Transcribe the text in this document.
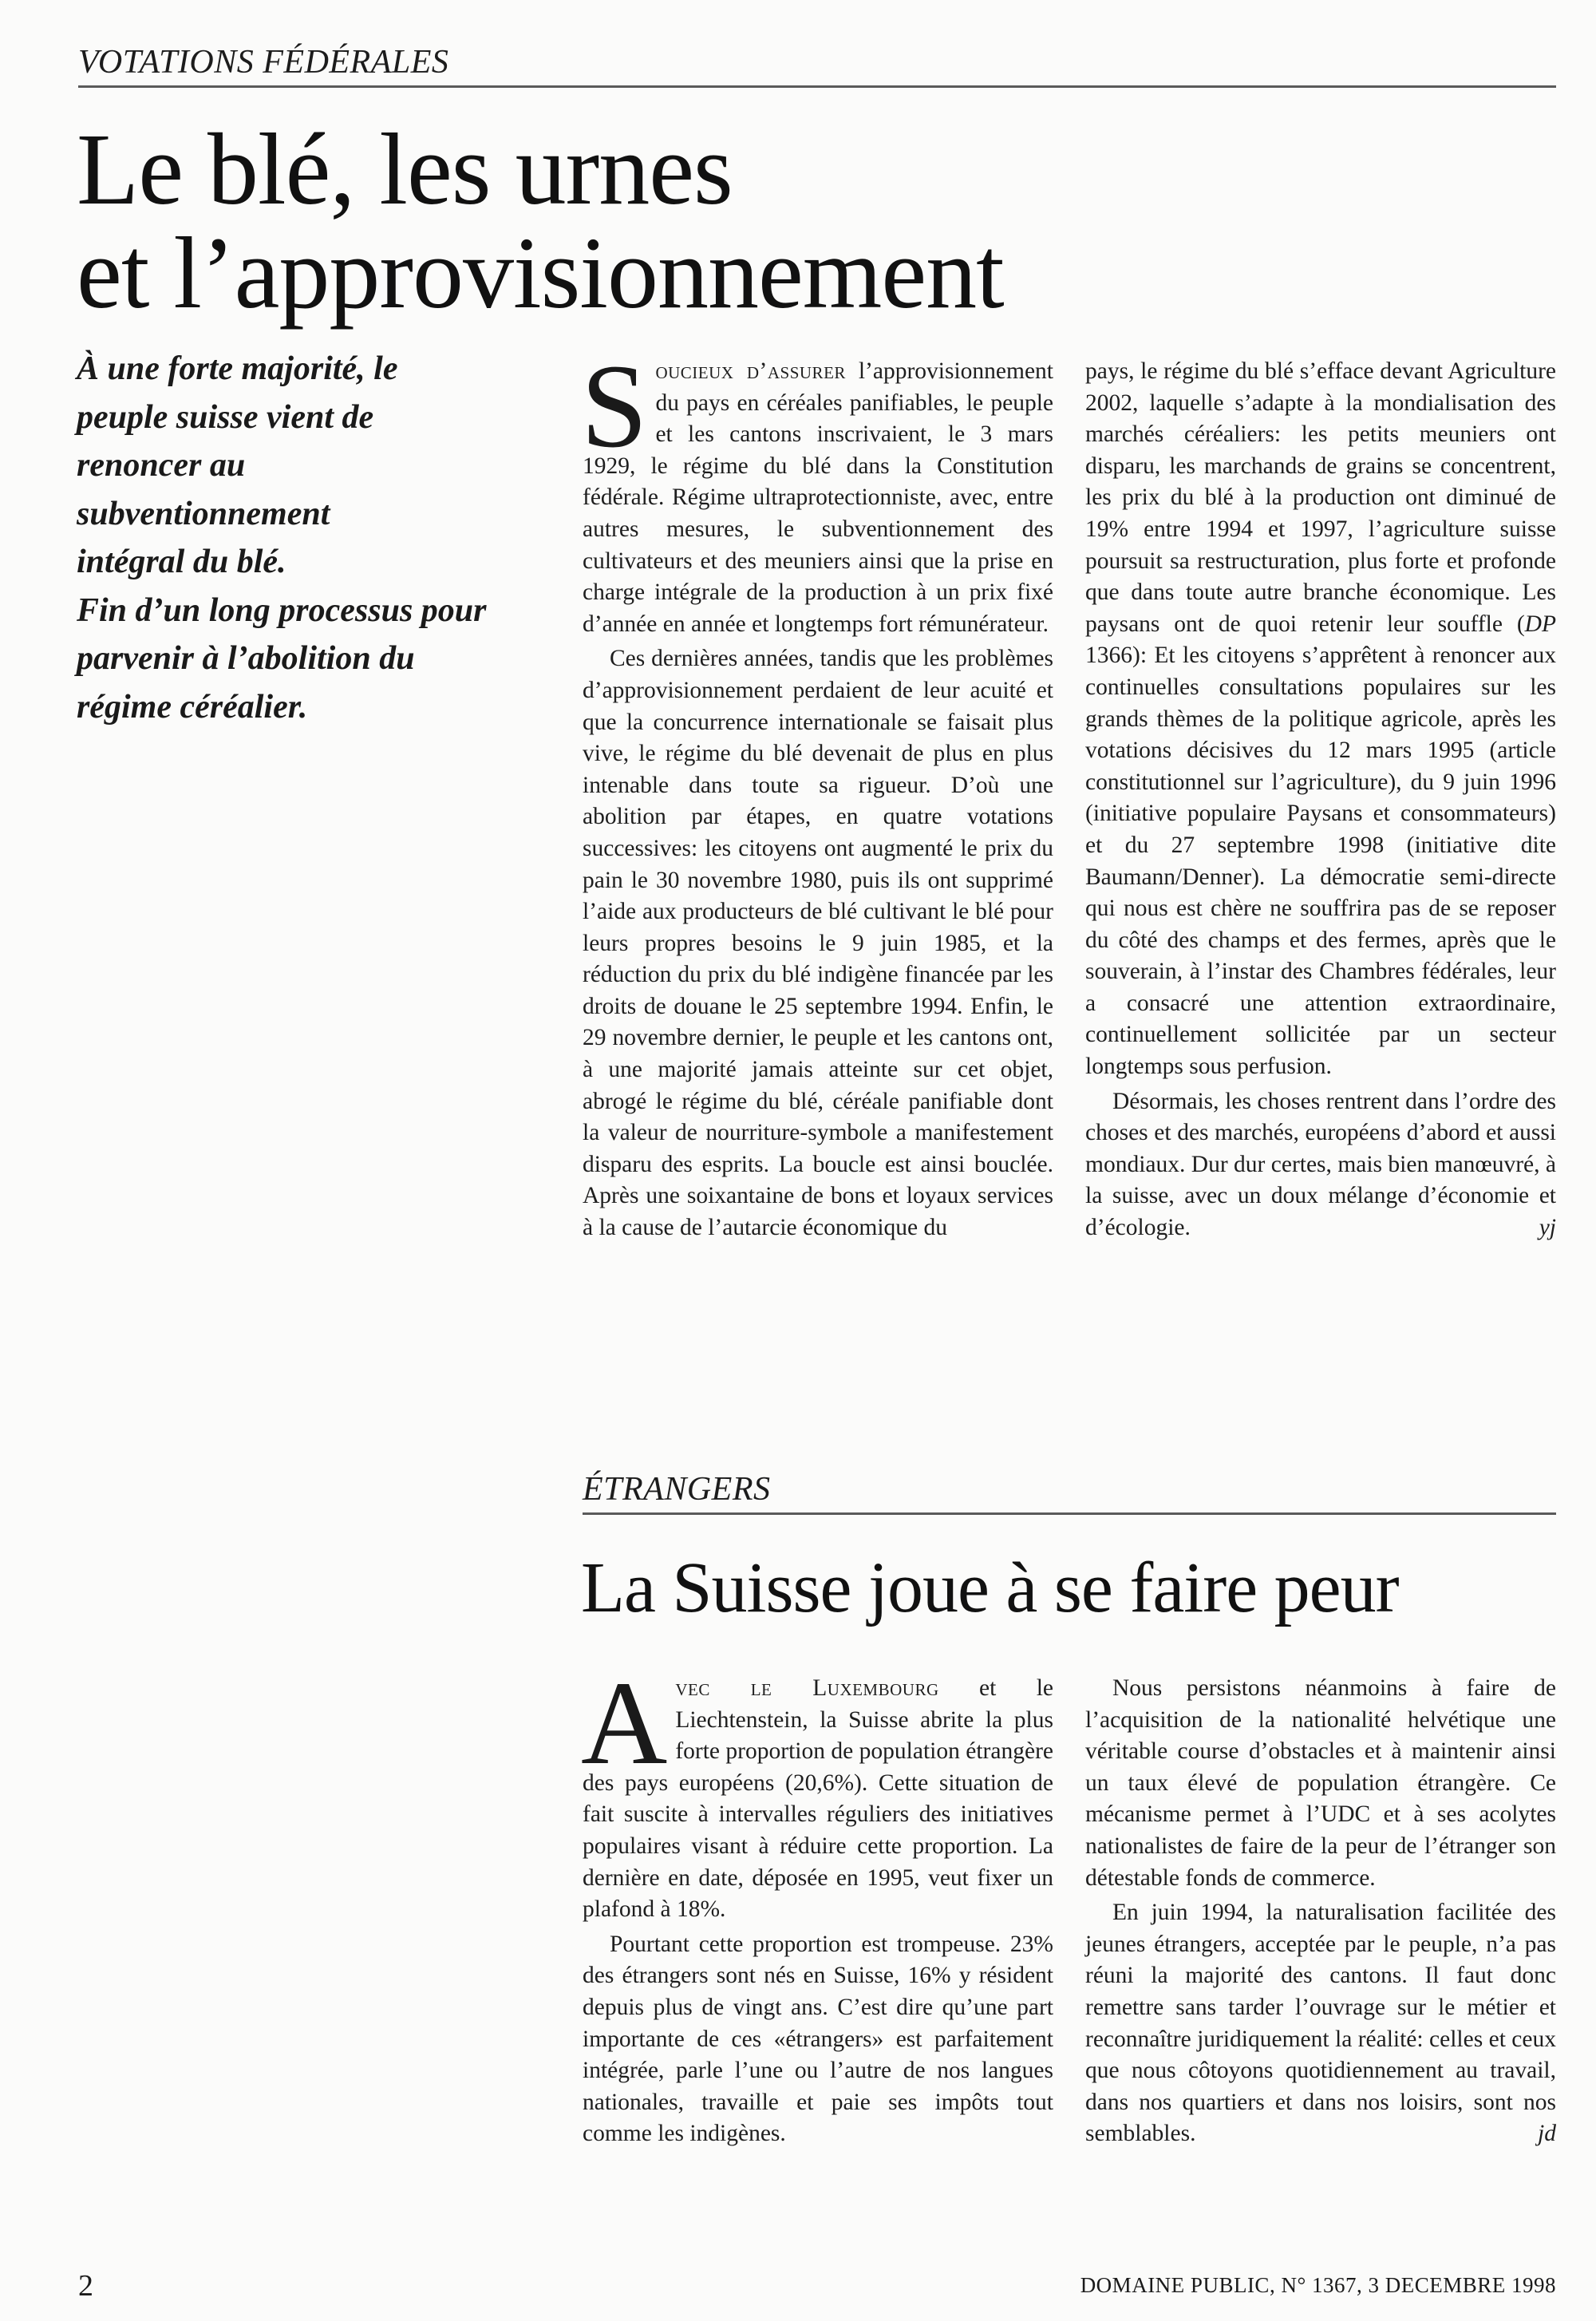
VOTATIONS FÉDÉRALES
Le blé, les urnes
et l’approvisionnement
À une forte majorité, le
peuple suisse vient de
renoncer au
subventionnement
intégral du blé.
Fin d’un long processus pour
parvenir à l’abolition du
régime céréalier.

Soucieux d’assurer l’approvisionnement du pays en céréales panifiables, le peuple et les cantons inscrivaient, le 3 mars 1929, le régime du blé dans la Constitution fédérale. Régime ultraprotectionniste, avec, entre autres mesures, le subventionnement des cultivateurs et des meuniers ainsi que la prise en charge intégrale de la production à un prix fixé d’année en année et longtemps fort rémunérateur.

Ces dernières années, tandis que les problèmes d’approvisionnement perdaient de leur acuité et que la concurrence internationale se faisait plus vive, le régime du blé devenait de plus en plus intenable dans toute sa rigueur. D’où une abolition par étapes, en quatre votations successives: les citoyens ont augmenté le prix du pain le 30 novembre 1980, puis ils ont supprimé l’aide aux producteurs de blé cultivant le blé pour leurs propres besoins le 9 juin 1985, et la réduction du prix du blé indigène financée par les droits de douane le 25 septembre 1994. Enfin, le 29 novembre dernier, le peuple et les cantons ont, à une majorité jamais atteinte sur cet objet, abrogé le régime du blé, céréale panifiable dont la valeur de nourriture-symbole a manifestement disparu des esprits. La boucle est ainsi bouclée. Après une soixantaine de bons et loyaux services à la cause de l’autarcie économique du

pays, le régime du blé s’efface devant Agriculture 2002, laquelle s’adapte à la mondialisation des marchés céréaliers: les petits meuniers ont disparu, les marchands de grains se concentrent, les prix du blé à la production ont diminué de 19% entre 1994 et 1997, l’agriculture suisse poursuit sa restructuration, plus forte et profonde que dans toute autre branche économique. Les paysans ont de quoi retenir leur souffle (DP 1366): Et les citoyens s’apprêtent à renoncer aux continuelles consultations populaires sur les grands thèmes de la politique agricole, après les votations décisives du 12 mars 1995 (article constitutionnel sur l’agriculture), du 9 juin 1996 (initiative populaire Paysans et consommateurs) et du 27 septembre 1998 (initiative dite Baumann/Denner). La démocratie semi-directe qui nous est chère ne souffrira pas de se reposer du côté des champs et des fermes, après que le souverain, à l’instar des Chambres fédérales, leur a consacré une attention extraordinaire, continuellement sollicitée par un secteur longtemps sous perfusion.

Désormais, les choses rentrent dans l’ordre des choses et des marchés, européens d’abord et aussi mondiaux. Dur dur certes, mais bien manœuvré, à la suisse, avec un doux mélange d’économie et d’écologie.	yj

ÉTRANGERS
La Suisse joue à se faire peur

Avec le Luxembourg et le Liechtenstein, la Suisse abrite la plus forte proportion de population étrangère des pays européens (20,6%). Cette situation de fait suscite à intervalles réguliers des initiatives populaires visant à réduire cette proportion. La dernière en date, déposée en 1995, veut fixer un plafond à 18%.

Pourtant cette proportion est trompeuse. 23% des étrangers sont nés en Suisse, 16% y résident depuis plus de vingt ans. C’est dire qu’une part importante de ces «étrangers» est parfaitement intégrée, parle l’une ou l’autre de nos langues nationales, travaille et paie ses impôts tout comme les indigènes.

Nous persistons néanmoins à faire de l’acquisition de la nationalité helvétique une véritable course d’obstacles et à maintenir ainsi un taux élevé de population étrangère. Ce mécanisme permet à l’UDC et à ses acolytes nationalistes de faire de la peur de l’étranger son détestable fonds de commerce.

En juin 1994, la naturalisation facilitée des jeunes étrangers, acceptée par le peuple, n’a pas réuni la majorité des cantons. Il faut donc remettre sans tarder l’ouvrage sur le métier et reconnaître juridiquement la réalité: celles et ceux que nous côtoyons quotidiennement au travail, dans nos quartiers et dans nos loisirs, sont nos semblables.	jd

2	DOMAINE PUBLIC, N° 1367, 3 DECEMBRE 1998
